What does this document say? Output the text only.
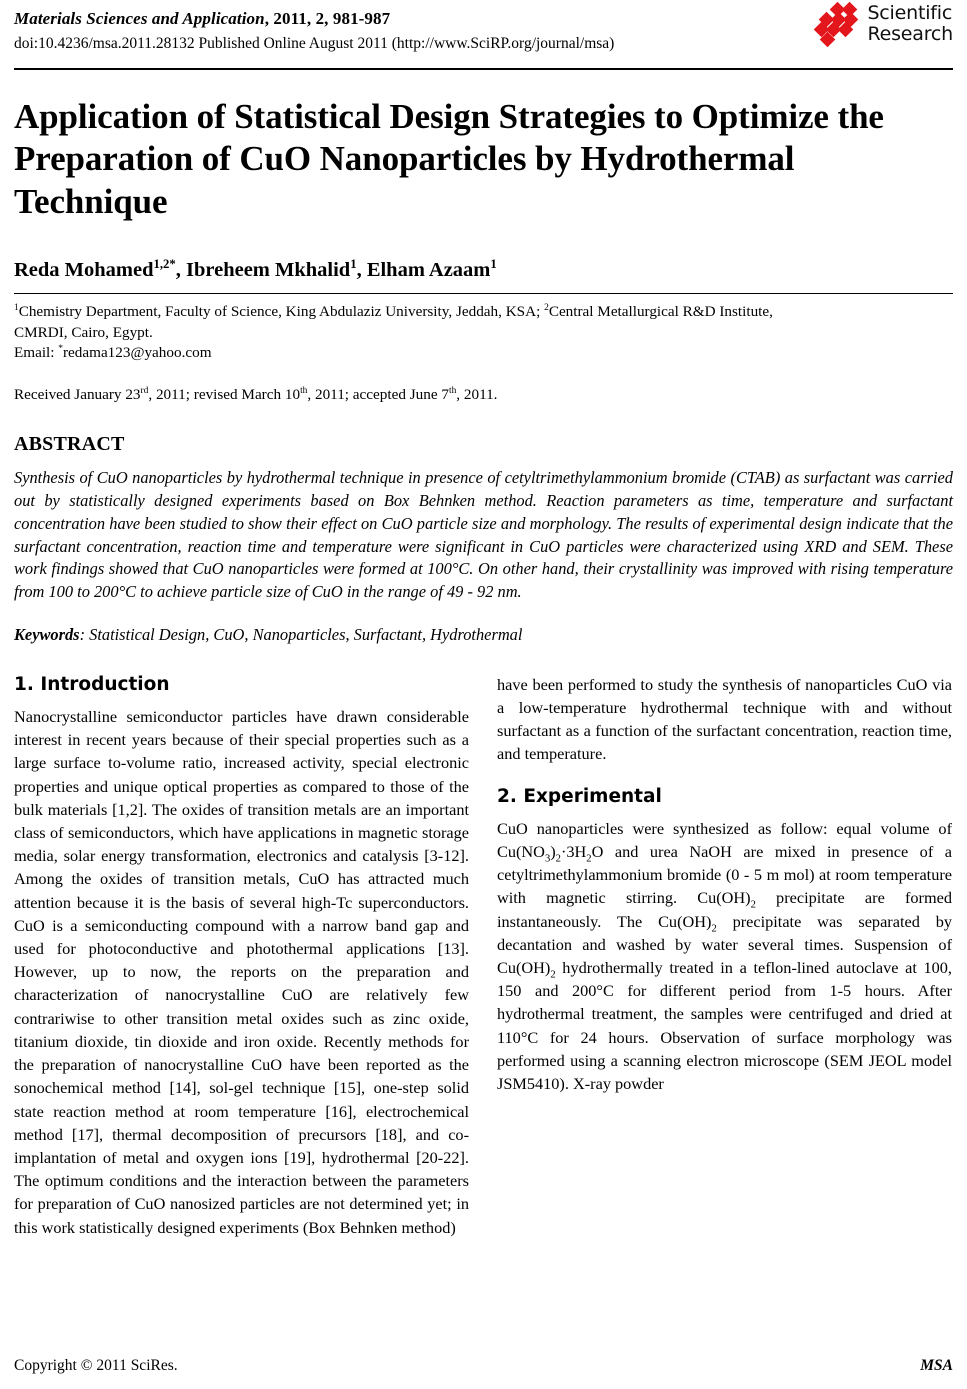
Materials Sciences and Application, 2011, 2, 981-987
doi:10.4236/msa.2011.28132 Published Online August 2011 (http://www.SciRP.org/journal/msa)
Scientific
Research
Application of Statistical Design Strategies to Optimize the Preparation of CuO Nanoparticles by Hydrothermal Technique
Reda Mohamed$^{1,2*}$, Ibreheem Mkhalid$^1$, Elham Azaam$^1$
$^1$Chemistry Department, Faculty of Science, King Abdulaziz University, Jeddah, KSA; $^2$Central Metallurgical R&D Institute,
CMRDI, Cairo, Egypt.
Email: *redama123@yahoo.com
Received January 23rd, 2011; revised March 10th, 2011; accepted June 7th, 2011.
ABSTRACT
Synthesis of CuO nanoparticles by hydrothermal technique in presence of cetyltrimethylammonium bromide (CTAB) as surfactant was carried out by statistically designed experiments based on Box Behnken method. Reaction parameters as time, temperature and surfactant concentration have been studied to show their effect on CuO particle size and morphology. The results of experimental design indicate that the surfactant concentration, reaction time and temperature were significant in CuO particles were characterized using XRD and SEM. These work findings showed that CuO nanoparticles were formed at 100°C. On other hand, their crystallinity was improved with rising temperature from 100 to 200°C to achieve particle size of CuO in the range of 49 - 92 nm.
Keywords: Statistical Design, CuO, Nanoparticles, Surfactant, Hydrothermal
1. Introduction

Nanocrystalline semiconductor particles have drawn considerable interest in recent years because of their special properties such as a large surface to-volume ratio, increased activity, special electronic properties and unique optical properties as compared to those of the bulk materials [1,2]. The oxides of transition metals are an important class of semiconductors, which have applications in magnetic storage media, solar energy transformation, electronics and catalysis [3-12]. Among the oxides of transition metals, CuO has attracted much attention because it is the basis of several high-Tc superconductors. CuO is a semiconducting compound with a narrow band gap and used for photoconductive and photothermal applications [13]. However, up to now, the reports on the preparation and characterization of nanocrystalline CuO are relatively few contrariwise to other transition metal oxides such as zinc oxide, titanium dioxide, tin dioxide and iron oxide. Recently methods for the preparation of nanocrystalline CuO have been reported as the sonochemical method [14], sol-gel technique [15], one-step solid state reaction method at room temperature [16], electrochemical method [17], thermal decomposition of precursors [18], and co-implantation of metal and oxygen ions [19], hydrothermal [20-22]. The optimum conditions and the interaction between the parameters for preparation of CuO nanosized particles are not determined yet; in this work statistically designed experiments (Box Behnken method)

have been performed to study the synthesis of nanoparticles CuO via a low-temperature hydrothermal technique with and without surfactant as a function of the surfactant concentration, reaction time, and temperature.

2. Experimental

CuO nanoparticles were synthesized as follow: equal volume of $Cu(NO_3)_2\cdot 3H_2O$ and urea NaOH are mixed in presence of a cetyltrimethylammonium bromide (0 - 5 m mol) at room temperature with magnetic stirring. $Cu(OH)_2$ precipitate are formed instantaneously. The $Cu(OH)_2$ precipitate was separated by decantation and washed by water several times. Suspension of $Cu(OH)_2$ hydrothermally treated in a teflon-lined autoclave at 100, 150 and 200°C for different period from 1-5 hours. After hydrothermal treatment, the samples were centrifuged and dried at 110°C for 24 hours. Observation of surface morphology was performed using a scanning electron microscope (SEM JEOL model JSM5410). X-ray powder

Copyright © 2011 SciRes.	MSA
